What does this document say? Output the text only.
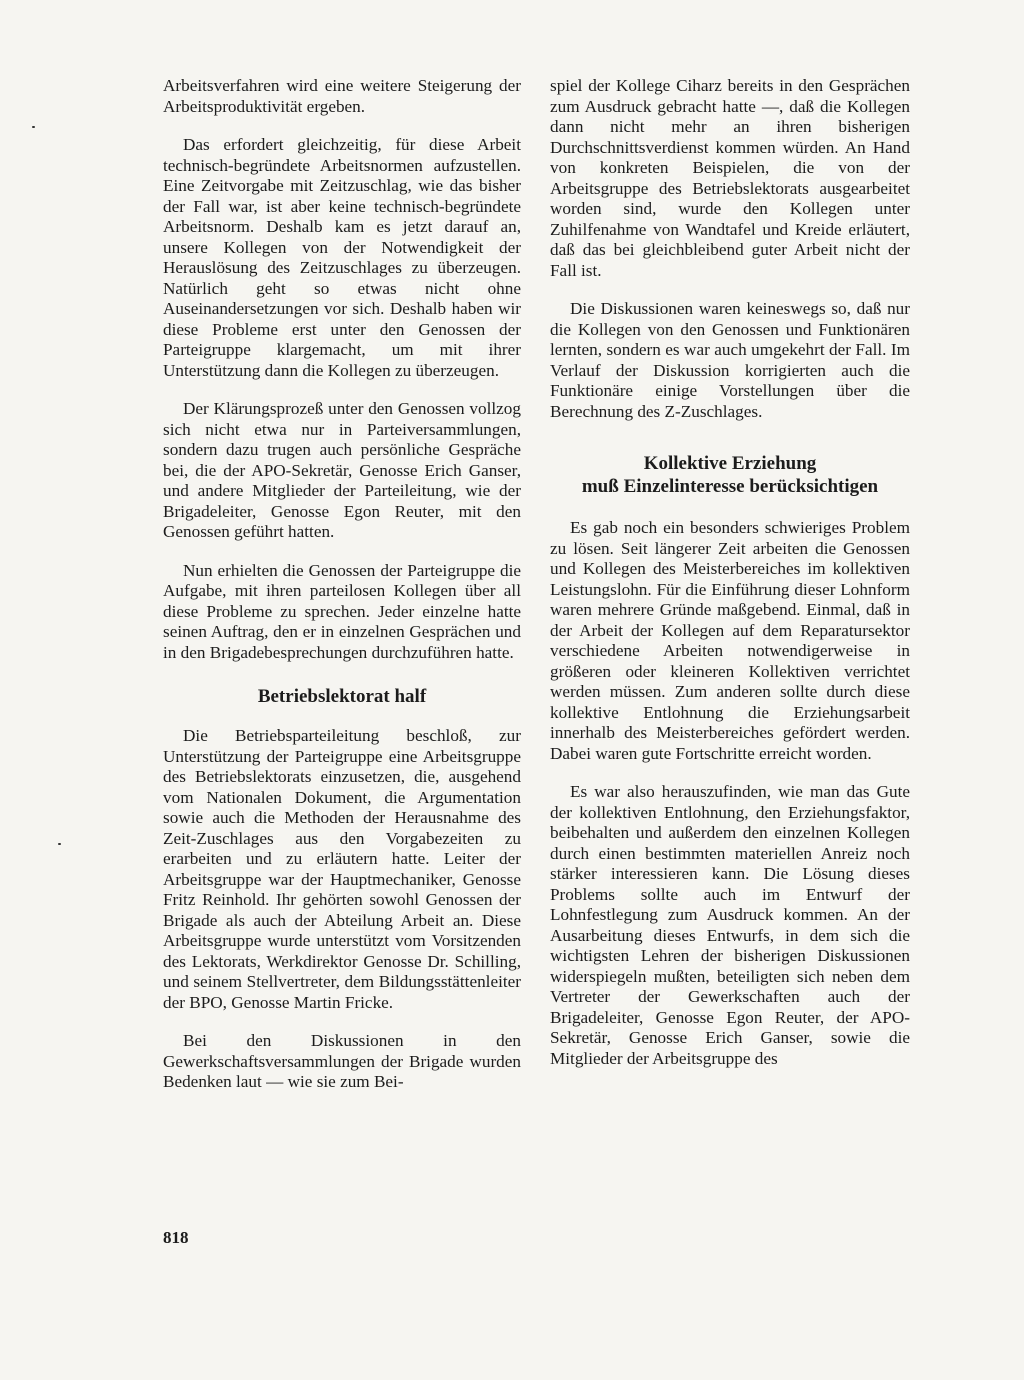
Arbeitsverfahren wird eine weitere Steigerung der Arbeitsproduktivität ergeben.

Das erfordert gleichzeitig, für diese Arbeit technisch-begründete Arbeitsnormen aufzustellen. Eine Zeitvorgabe mit Zeitzuschlag, wie das bisher der Fall war, ist aber keine technisch-begründete Arbeitsnorm. Deshalb kam es jetzt darauf an, unsere Kollegen von der Notwendigkeit der Herauslösung des Zeitzuschlages zu überzeugen. Natürlich geht so etwas nicht ohne Auseinandersetzungen vor sich. Deshalb haben wir diese Probleme erst unter den Genossen der Parteigruppe klargemacht, um mit ihrer Unterstützung dann die Kollegen zu überzeugen.

Der Klärungsprozeß unter den Genossen vollzog sich nicht etwa nur in Parteiversammlungen, sondern dazu trugen auch persönliche Gespräche bei, die der APO-Sekretär, Genosse Erich Ganser, und andere Mitglieder der Parteileitung, wie der Brigadeleiter, Genosse Egon Reuter, mit den Genossen geführt hatten.

Nun erhielten die Genossen der Parteigruppe die Aufgabe, mit ihren parteilosen Kollegen über all diese Probleme zu sprechen. Jeder einzelne hatte seinen Auftrag, den er in einzelnen Gesprächen und in den Brigadebesprechungen durchzuführen hatte.

Betriebslektorat half

Die Betriebsparteileitung beschloß, zur Unterstützung der Parteigruppe eine Arbeitsgruppe des Betriebslektorats einzusetzen, die, ausgehend vom Nationalen Dokument, die Argumentation sowie auch die Methoden der Herausnahme des Zeit-Zuschlages aus den Vorgabezeiten zu erarbeiten und zu erläutern hatte. Leiter der Arbeitsgruppe war der Hauptmechaniker, Genosse Fritz Reinhold. Ihr gehörten sowohl Genossen der Brigade als auch der Abteilung Arbeit an. Diese Arbeitsgruppe wurde unterstützt vom Vorsitzenden des Lektorats, Werkdirektor Genosse Dr. Schilling, und seinem Stellvertreter, dem Bildungsstättenleiter der BPO, Genosse Martin Fricke.

Bei den Diskussionen in den Gewerkschaftsversammlungen der Brigade wurden Bedenken laut — wie sie zum Bei-

spiel der Kollege Ciharz bereits in den Gesprächen zum Ausdruck gebracht hatte —, daß die Kollegen dann nicht mehr an ihren bisherigen Durchschnittsverdienst kommen würden. An Hand von konkreten Beispielen, die von der Arbeitsgruppe des Betriebslektorats ausgearbeitet worden sind, wurde den Kollegen unter Zuhilfenahme von Wandtafel und Kreide erläutert, daß das bei gleichbleibend guter Arbeit nicht der Fall ist.

Die Diskussionen waren keineswegs so, daß nur die Kollegen von den Genossen und Funktionären lernten, sondern es war auch umgekehrt der Fall. Im Verlauf der Diskussion korrigierten auch die Funktionäre einige Vorstellungen über die Berechnung des Z-Zuschlages.

Kollektive Erziehung
muß Einzelinteresse berücksichtigen

Es gab noch ein besonders schwieriges Problem zu lösen. Seit längerer Zeit arbeiten die Genossen und Kollegen des Meisterbereiches im kollektiven Leistungslohn. Für die Einführung dieser Lohnform waren mehrere Gründe maßgebend. Einmal, daß in der Arbeit der Kollegen auf dem Reparatursektor verschiedene Arbeiten notwendigerweise in größeren oder kleineren Kollektiven verrichtet werden müssen. Zum anderen sollte durch diese kollektive Entlohnung die Erziehungsarbeit innerhalb des Meisterbereiches gefördert werden. Dabei waren gute Fortschritte erreicht worden.

Es war also herauszufinden, wie man das Gute der kollektiven Entlohnung, den Erziehungsfaktor, beibehalten und außerdem den einzelnen Kollegen durch einen bestimmten materiellen Anreiz noch stärker interessieren kann. Die Lösung dieses Problems sollte auch im Entwurf der Lohnfestlegung zum Ausdruck kommen. An der Ausarbeitung dieses Entwurfs, in dem sich die wichtigsten Lehren der bisherigen Diskussionen widerspiegeln mußten, beteiligten sich neben dem Vertreter der Gewerkschaften auch der Brigadeleiter, Genosse Egon Reuter, der APO-Sekretär, Genosse Erich Ganser, sowie die Mitglieder der Arbeitsgruppe des

818
